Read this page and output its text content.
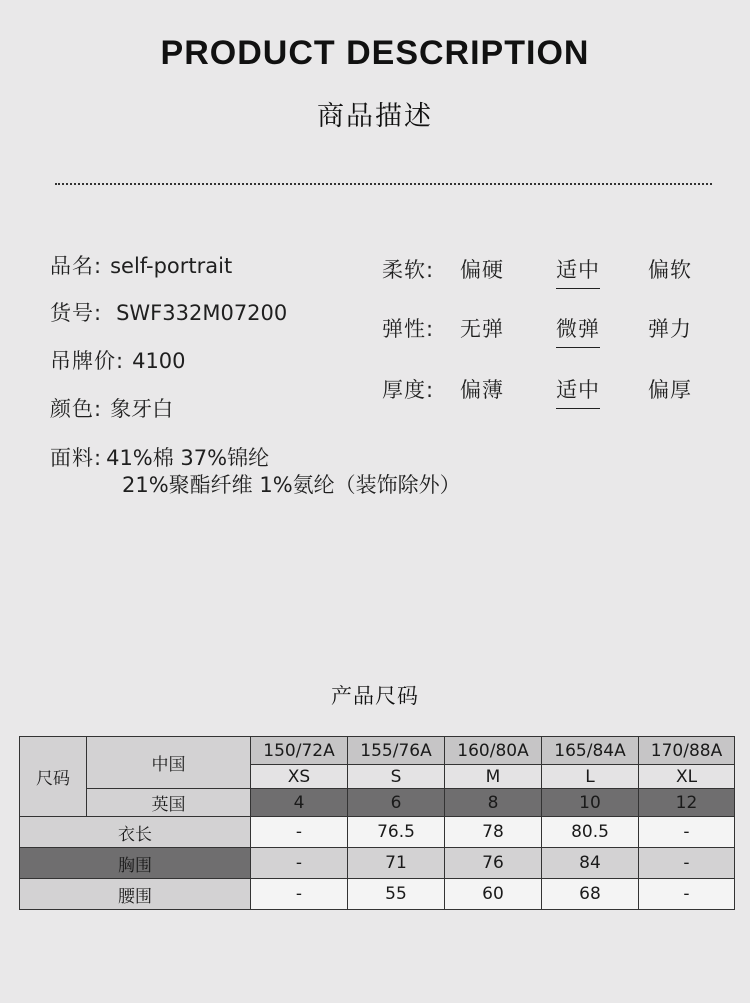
PRODUCT DESCRIPTION
商品描述
品名: self-portrait
货号: SWF332M07200
吊牌价: 4100
颜色: 象牙白
面料: 41%棉 37%锦纶
21%聚酯纤维 1%氨纶（装饰除外）
柔软: 偏硬 适中 偏软
弹性: 无弹 微弹 弹力
厚度: 偏薄 适中 偏厚
产品尺码
尺码	中国	150/72A	155/76A	160/80A	165/84A	170/88A
		XS	S	M	L	XL
	英国	4	6	8	10	12
衣长		-	76.5	78	80.5	-
胸围		-	71	76	84	-
腰围		-	55	60	68	-
